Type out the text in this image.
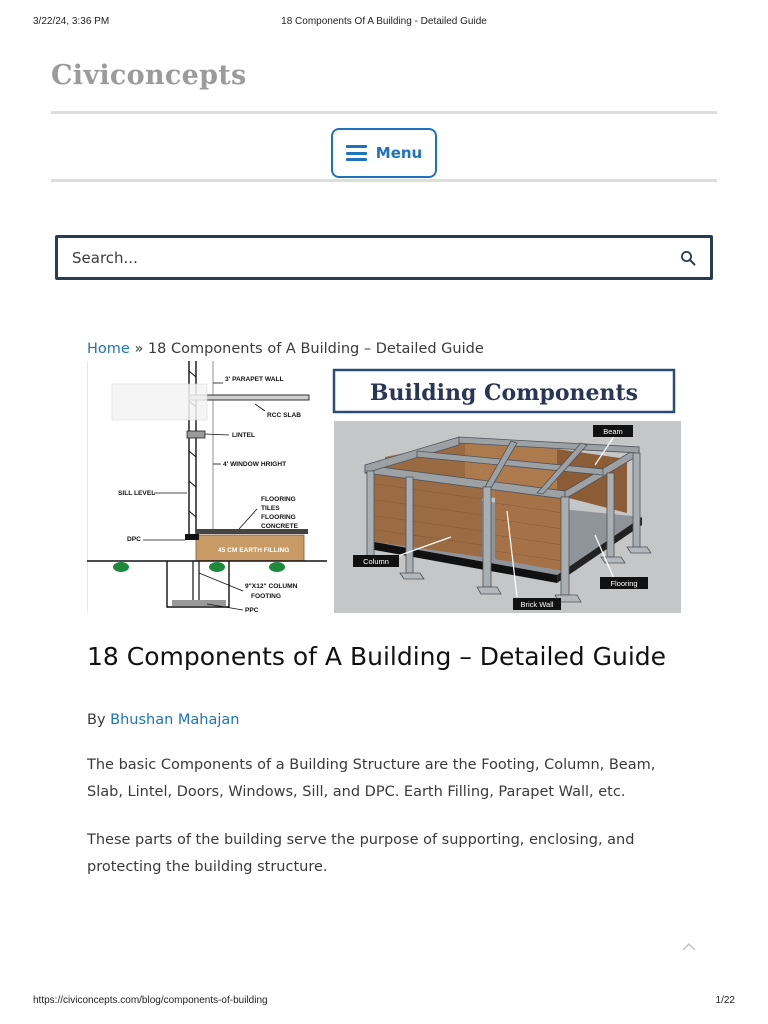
3/22/24, 3:36 PM	18 Components Of A Building - Detailed Guide
Civiconcepts
Menu
Search...
Home » 18 Components of A Building – Detailed Guide
3' PARAPET WALL
RCC SLAB
LINTEL
4' WINDOW HRIGHT
SILL LEVEL
FLOORING
TILES
FLOORING
CONCRETE
DPC
45 CM EARTH FILLING
9"X12" COLUMN
FOOTING
PPC
Building Components
Beam
Column
Flooring
Brick Wall
18 Components of A Building – Detailed Guide
By Bhushan Mahajan

The basic Components of a Building Structure are the Footing, Column, Beam, Slab, Lintel, Doors, Windows, Sill, and DPC. Earth Filling, Parapet Wall, etc.

These parts of the building serve the purpose of supporting, enclosing, and protecting the building structure.

https://civiconcepts.com/blog/components-of-building	1/22
